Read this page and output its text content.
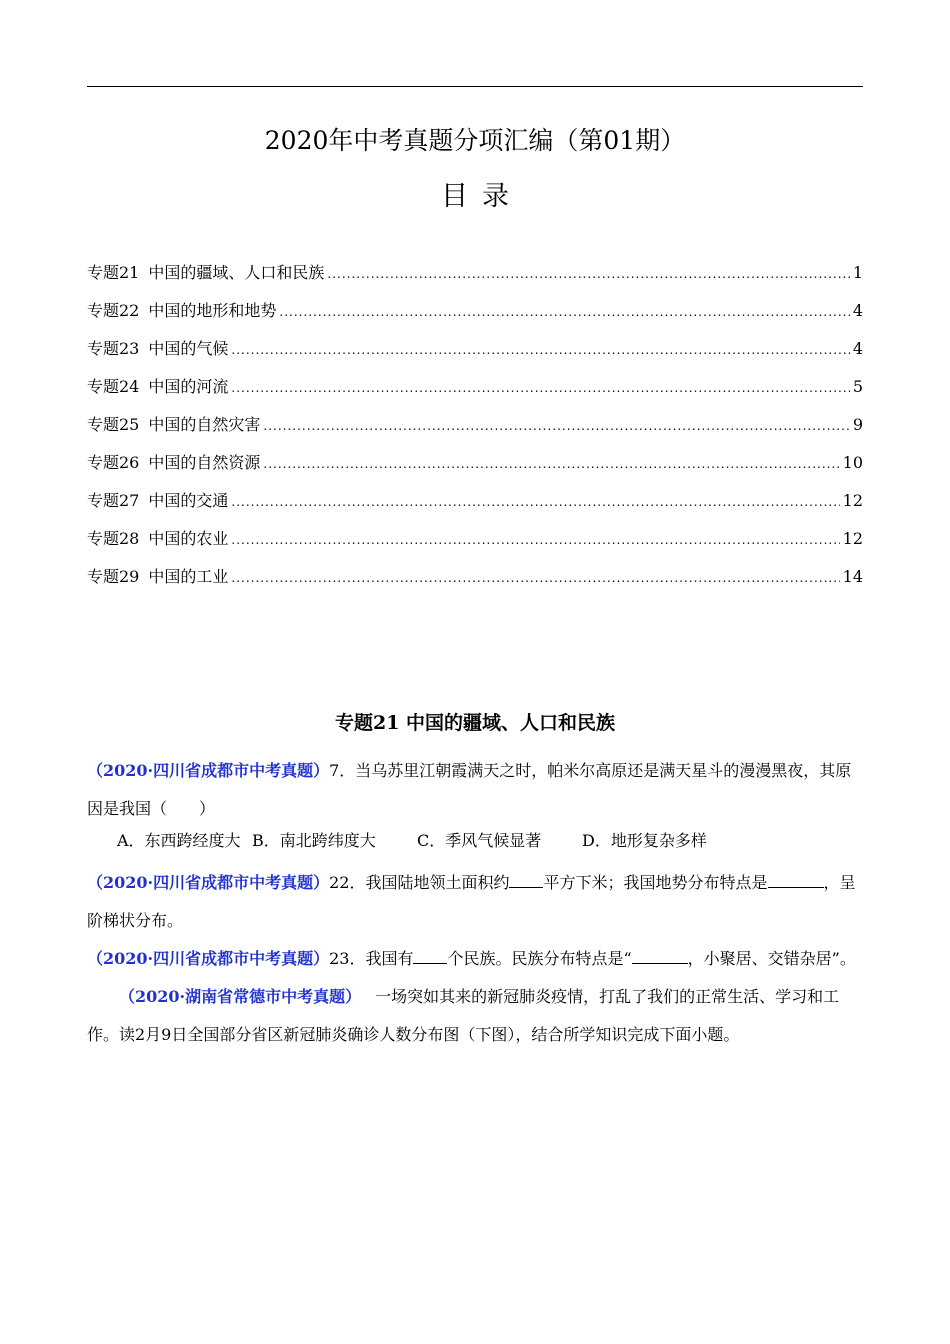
2020年中考真题分项汇编（第01期）
目录
专题21 中国的疆域、人口和民族 .....	1
专题22 中国的地形和地势 .....	4
专题23 中国的气候 .....	4
专题24 中国的河流 .....	5
专题25 中国的自然灾害 .....	9
专题26 中国的自然资源 .....	10
专题27 中国的交通 .....	12
专题28 中国的农业 .....	12
专题29 中国的工业 .....	14
专题21 中国的疆域、人口和民族
（2020·四川省成都市中考真题）7．当乌苏里江朝霞满天之时，帕米尔高原还是满天星斗的漫漫黑夜，其原
因是我国（　　）
A．东西跨经度大 B．南北跨纬度大	C．季风气候显著	D．地形复杂多样
（2020·四川省成都市中考真题）22．我国陆地领土面积约 平方下米；我国地势分布特点是	，呈
阶梯状分布。
（2020·四川省成都市中考真题）23．我国有 个民族。民族分布特点是“	，小聚居、交错杂居”。
（2020·湖南省常德市中考真题） 一场突如其来的新冠肺炎疫情，打乱了我们的正常生活、学习和工
作。读2月9日全国部分省区新冠肺炎确诊人数分布图（下图），结合所学知识完成下面小题。
